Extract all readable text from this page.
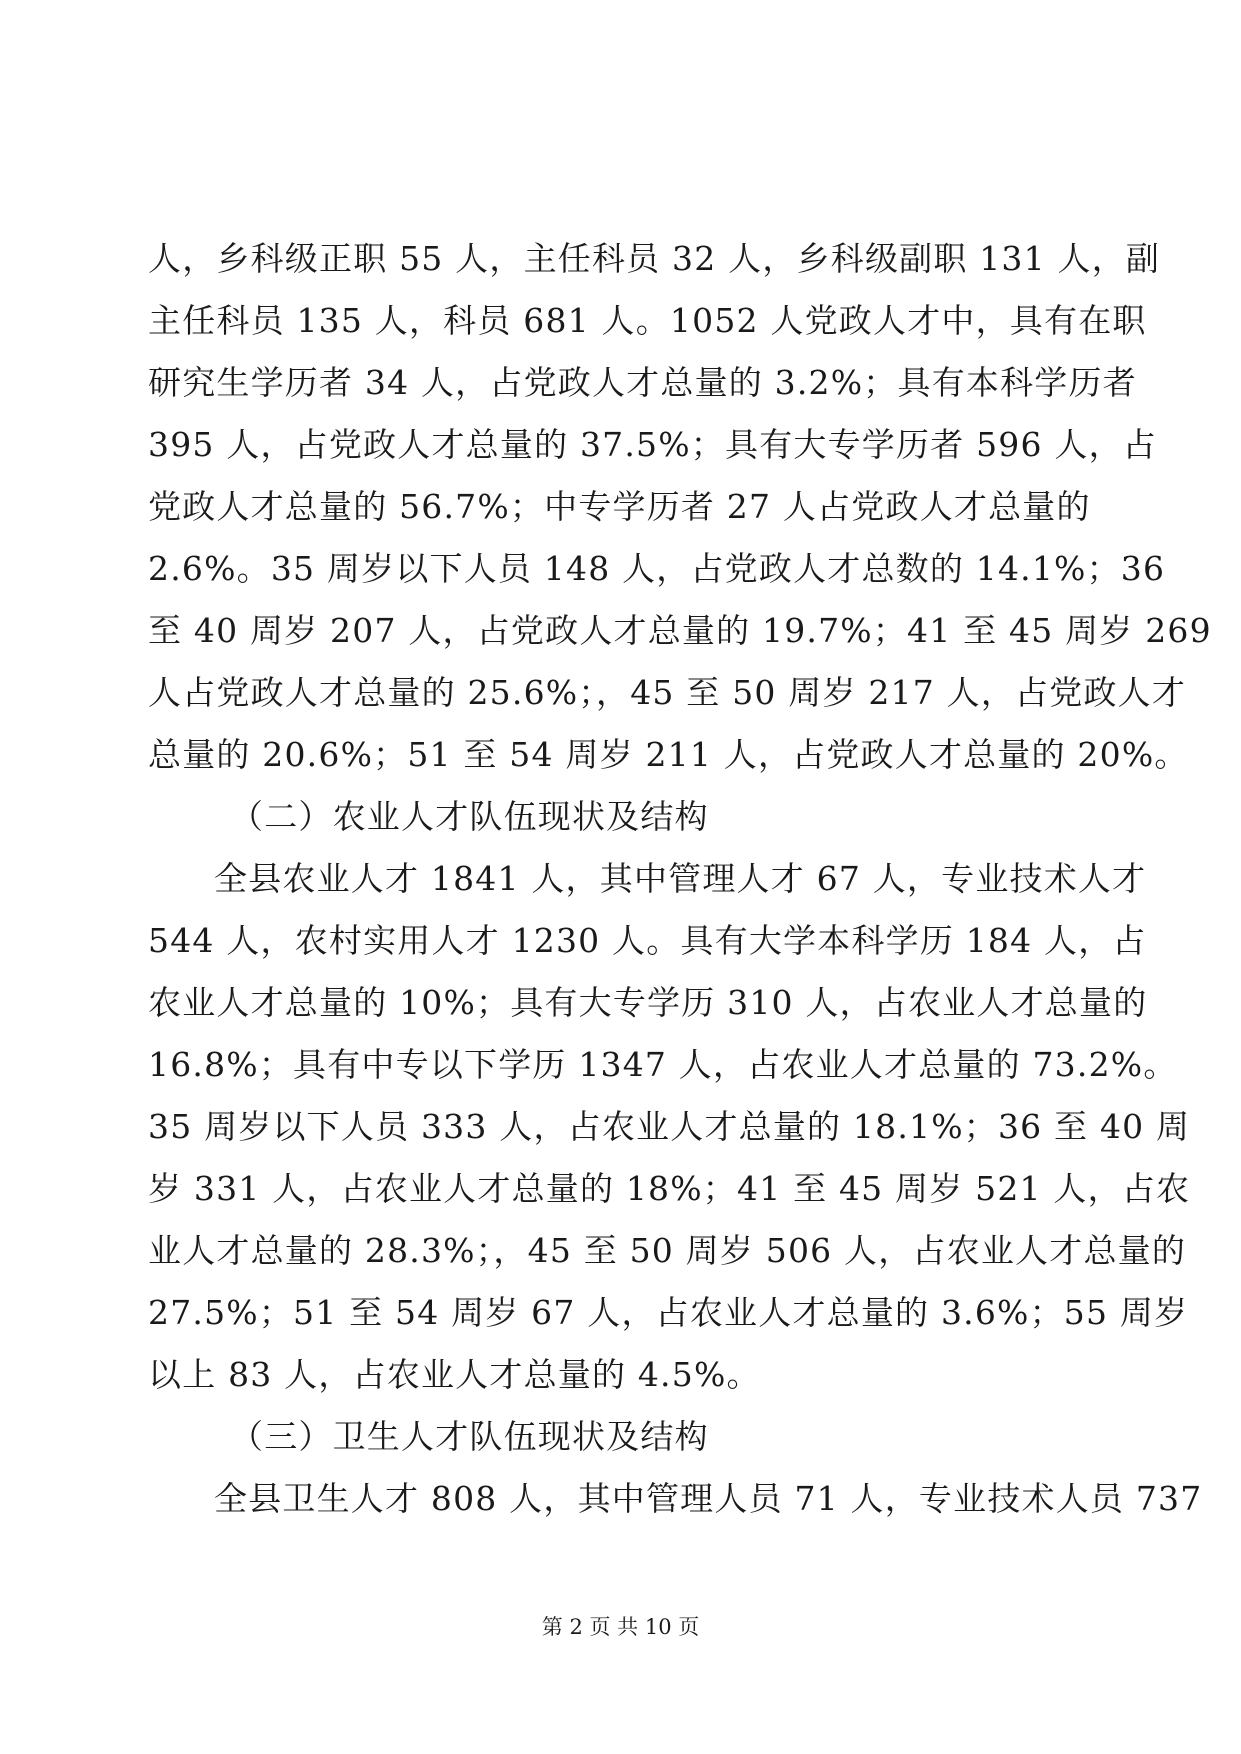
人，乡科级正职 55 人，主任科员 32 人，乡科级副职 131 人，副
主任科员 135 人，科员 681 人。1052 人党政人才中，具有在职
研究生学历者 34 人，占党政人才总量的 3.2%；具有本科学历者
395 人，占党政人才总量的 37.5%；具有大专学历者 596 人，占
党政人才总量的 56.7%；中专学历者 27 人占党政人才总量的
2.6%。35 周岁以下人员 148 人，占党政人才总数的 14.1%；36
至 40 周岁 207 人，占党政人才总量的 19.7%；41 至 45 周岁 269
人占党政人才总量的 25.6%；，45 至 50 周岁 217 人，占党政人才
总量的 20.6%；51 至 54 周岁 211 人，占党政人才总量的 20%。
（二）农业人才队伍现状及结构
全县农业人才 1841 人，其中管理人才 67 人，专业技术人才
544 人，农村实用人才 1230 人。具有大学本科学历 184 人，占
农业人才总量的 10%；具有大专学历 310 人，占农业人才总量的
16.8%；具有中专以下学历 1347 人，占农业人才总量的 73.2%。
35 周岁以下人员 333 人，占农业人才总量的 18.1%；36 至 40 周
岁 331 人，占农业人才总量的 18%；41 至 45 周岁 521 人，占农
业人才总量的 28.3%；，45 至 50 周岁 506 人，占农业人才总量的
27.5%；51 至 54 周岁 67 人，占农业人才总量的 3.6%；55 周岁
以上 83 人，占农业人才总量的 4.5%。
（三）卫生人才队伍现状及结构
全县卫生人才 808 人，其中管理人员 71 人，专业技术人员 737
第 2 页 共 10 页
